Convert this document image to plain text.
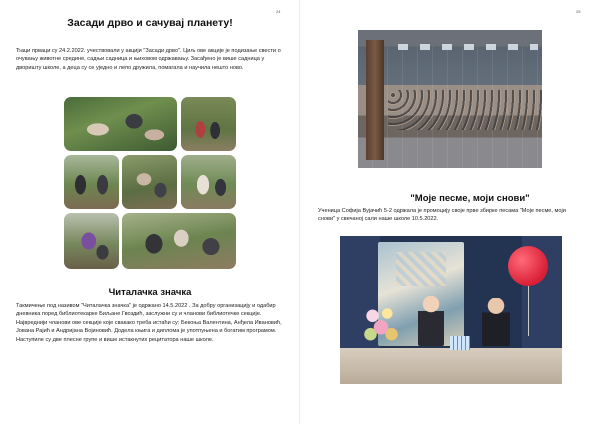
24
Засади дрво и сачувај планету!

Ђаци прваци су 24.2.2022. учествовали у акцији "Засади дрво". Циљ ове акције је подизање свести о очувању животне средине, садњи садница и њиховом одржавању. Засађено је више садница у дворишту школе, а деца су се уједно и лепо дружила, помагала и научила нешто ново.

Читалачка значка

Такмичење под називом "Читалачка значка" је одржано 14.5.2022 . За добру организацију и одабир дневника поред библиотекарке Биљане Гвоздић, заслужни су и чланови библиотечке секције. Највреднији чланови ове секције које свакако треба истаћи су: Бекоња Валентина, Анђела Ивановић, Јована Рајић и Андријана Војиновић. Додела књига и диплома је употпуњена и богатим програмом. Наступиле су две плесне групе и више истакнутих рецитатора наше школе.

25
"Моје песме, моји снови"

Ученица Софија Вујачић 5-2 одржала је промоцију своје прве збирке песама "Моје песме, моји снови" у свечаној сали наше школе 10.5.2022.
